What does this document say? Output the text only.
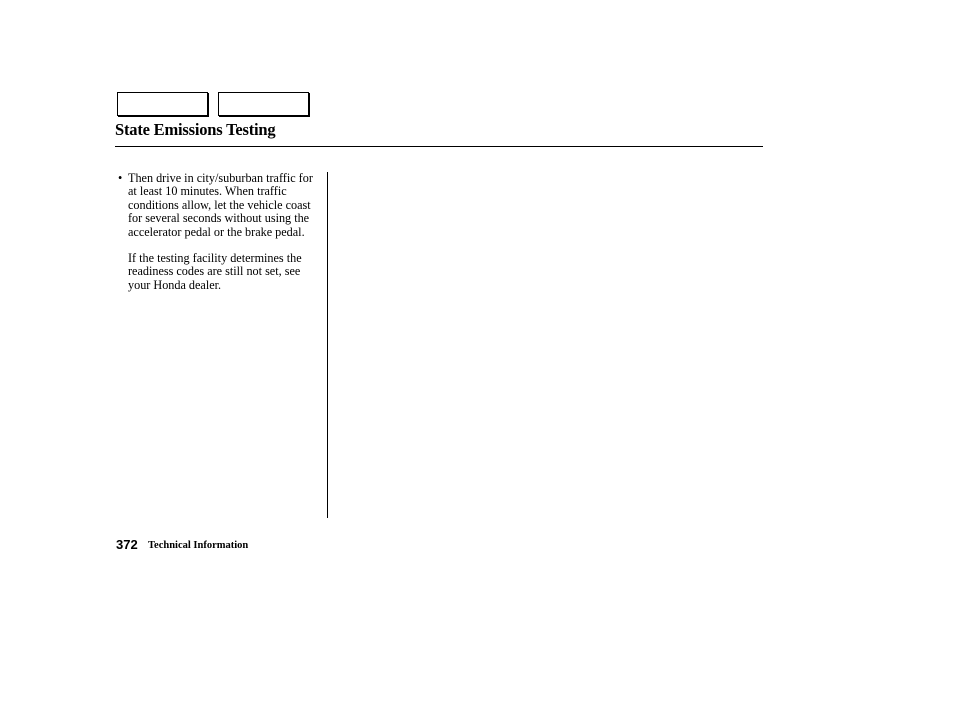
State Emissions Testing
• Then drive in city/suburban traffic for at least 10 minutes. When traffic conditions allow, let the vehicle coast for several seconds without using the accelerator pedal or the brake pedal.
If the testing facility determines the readiness codes are still not set, see your Honda dealer.
372 Technical Information
